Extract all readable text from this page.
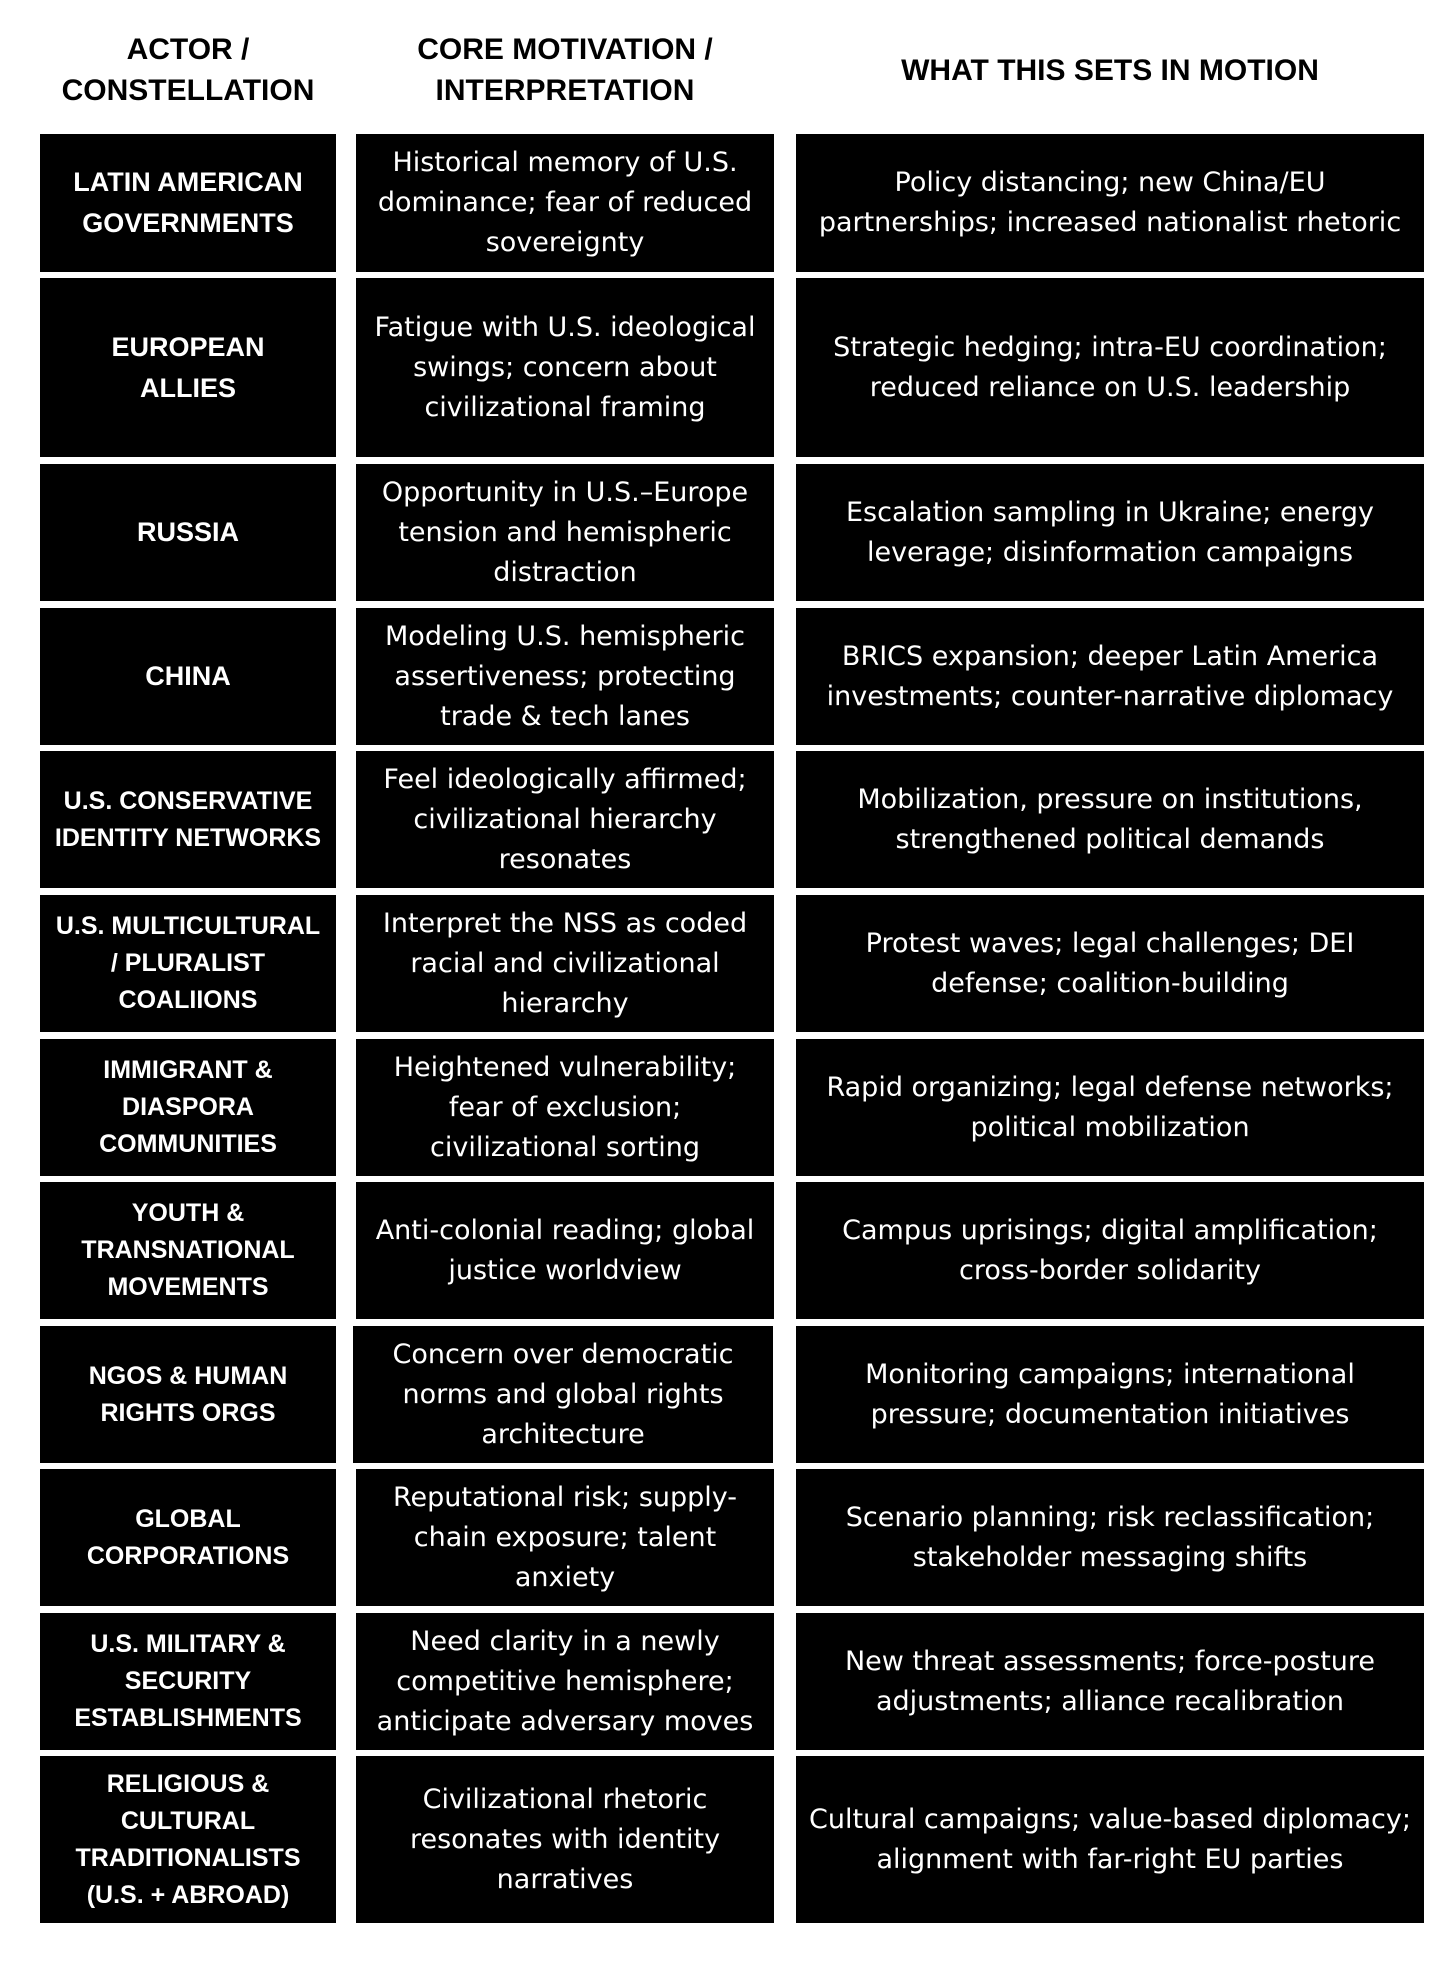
ACTOR /
CONSTELLATION
CORE MOTIVATION /
INTERPRETATION
WHAT THIS SETS IN MOTION
LATIN AMERICAN GOVERNMENTS
Historical memory of U.S. dominance; fear of reduced sovereignty
Policy distancing; new China/EU partnerships; increased nationalist rhetoric
EUROPEAN ALLIES
Fatigue with U.S. ideological swings; concern about civilizational framing
Strategic hedging; intra-EU coordination; reduced reliance on U.S. leadership
RUSSIA
Opportunity in U.S.–Europe tension and hemispheric distraction
Escalation sampling in Ukraine; energy leverage; disinformation campaigns
CHINA
Modeling U.S. hemispheric assertiveness; protecting trade & tech lanes
BRICS expansion; deeper Latin America investments; counter-narrative diplomacy
U.S. CONSERVATIVE IDENTITY NETWORKS
Feel ideologically affirmed; civilizational hierarchy resonates
Mobilization, pressure on institutions, strengthened political demands
U.S. MULTICULTURAL / PLURALIST COALIIONS
Interpret the NSS as coded racial and civilizational hierarchy
Protest waves; legal challenges; DEI defense; coalition-building
IMMIGRANT & DIASPORA COMMUNITIES
Heightened vulnerability; fear of exclusion; civilizational sorting
Rapid organizing; legal defense networks; political mobilization
YOUTH & TRANSNATIONAL MOVEMENTS
Anti-colonial reading; global justice worldview
Campus uprisings; digital amplification; cross-border solidarity
NGOS & HUMAN RIGHTS ORGS
Concern over democratic norms and global rights architecture
Monitoring campaigns; international pressure; documentation initiatives
GLOBAL CORPORATIONS
Reputational risk; supply-chain exposure; talent anxiety
Scenario planning; risk reclassification; stakeholder messaging shifts
U.S. MILITARY & SECURITY ESTABLISHMENTS
Need clarity in a newly competitive hemisphere; anticipate adversary moves
New threat assessments; force-posture adjustments; alliance recalibration
RELIGIOUS & CULTURAL TRADITIONALISTS (U.S. + ABROAD)
Civilizational rhetoric resonates with identity narratives
Cultural campaigns; value-based diplomacy; alignment with far-right EU parties
